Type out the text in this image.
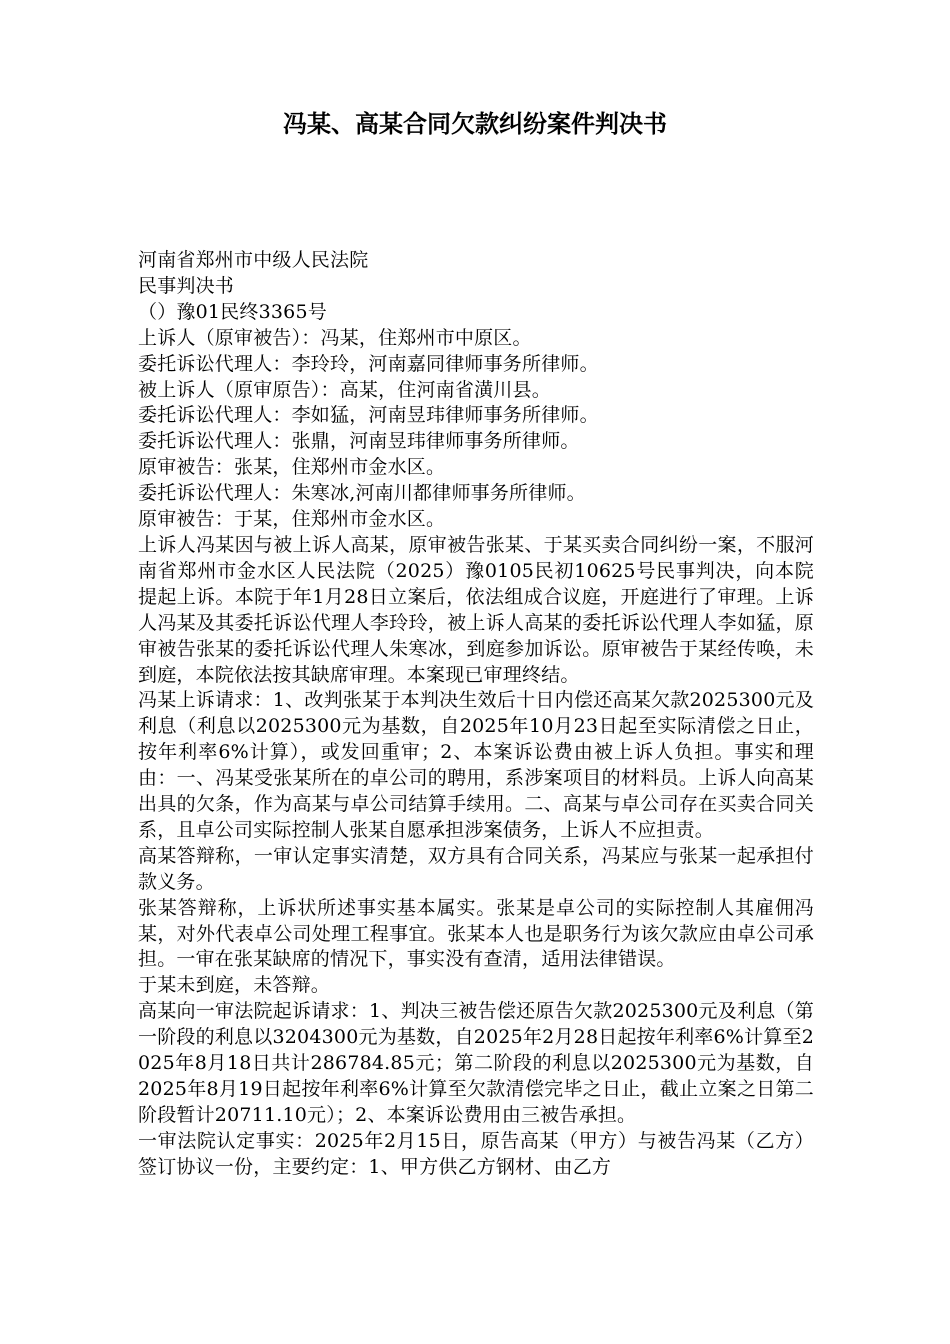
冯某、高某合同欠款纠纷案件判决书

河南省郑州市中级人民法院

民事判决书

（）豫01民终3365号

上诉人（原审被告）：冯某，住郑州市中原区。

委托诉讼代理人：李玲玲，河南嘉同律师事务所律师。

被上诉人（原审原告）：高某，住河南省潢川县。

委托诉讼代理人：李如猛，河南昱玮律师事务所律师。

委托诉讼代理人：张鼎，河南昱玮律师事务所律师。

原审被告：张某，住郑州市金水区。

委托诉讼代理人：朱寒冰,河南川都律师事务所律师。

原审被告：于某，住郑州市金水区。

上诉人冯某因与被上诉人高某，原审被告张某、于某买卖合同纠纷一案，不服河南省郑州市金水区人民法院（2025）豫0105民初10625号民事判决，向本院提起上诉。本院于年1月28日立案后，依法组成合议庭，开庭进行了审理。上诉人冯某及其委托诉讼代理人李玲玲，被上诉人高某的委托诉讼代理人李如猛，原审被告张某的委托诉讼代理人朱寒冰，到庭参加诉讼。原审被告于某经传唤，未到庭，本院依法按其缺席审理。本案现已审理终结。

冯某上诉请求：1、改判张某于本判决生效后十日内偿还高某欠款2025300元及利息（利息以2025300元为基数，自2025年10月23日起至实际清偿之日止，按年利率6%计算），或发回重审；2、本案诉讼费由被上诉人负担。事实和理由：一、冯某受张某所在的卓公司的聘用，系涉案项目的材料员。上诉人向高某出具的欠条，作为高某与卓公司结算手续用。二、高某与卓公司存在买卖合同关系，且卓公司实际控制人张某自愿承担涉案债务，上诉人不应担责。

高某答辩称，一审认定事实清楚，双方具有合同关系，冯某应与张某一起承担付款义务。

张某答辩称，上诉状所述事实基本属实。张某是卓公司的实际控制人其雇佣冯某，对外代表卓公司处理工程事宜。张某本人也是职务行为该欠款应由卓公司承担。一审在张某缺席的情况下，事实没有查清，适用法律错误。

于某未到庭，未答辩。

高某向一审法院起诉请求：1、判决三被告偿还原告欠款2025300元及利息（第一阶段的利息以3204300元为基数，自2025年2月28日起按年利率6%计算至2025年8月18日共计286784.85元；第二阶段的利息以2025300元为基数，自2025年8月19日起按年利率6%计算至欠款清偿完毕之日止，截止立案之日第二阶段暂计20711.10元）；2、本案诉讼费用由三被告承担。

一审法院认定事实：2025年2月15日，原告高某（甲方）与被告冯某（乙方）签订协议一份，主要约定：1、甲方供乙方钢材、由乙方
